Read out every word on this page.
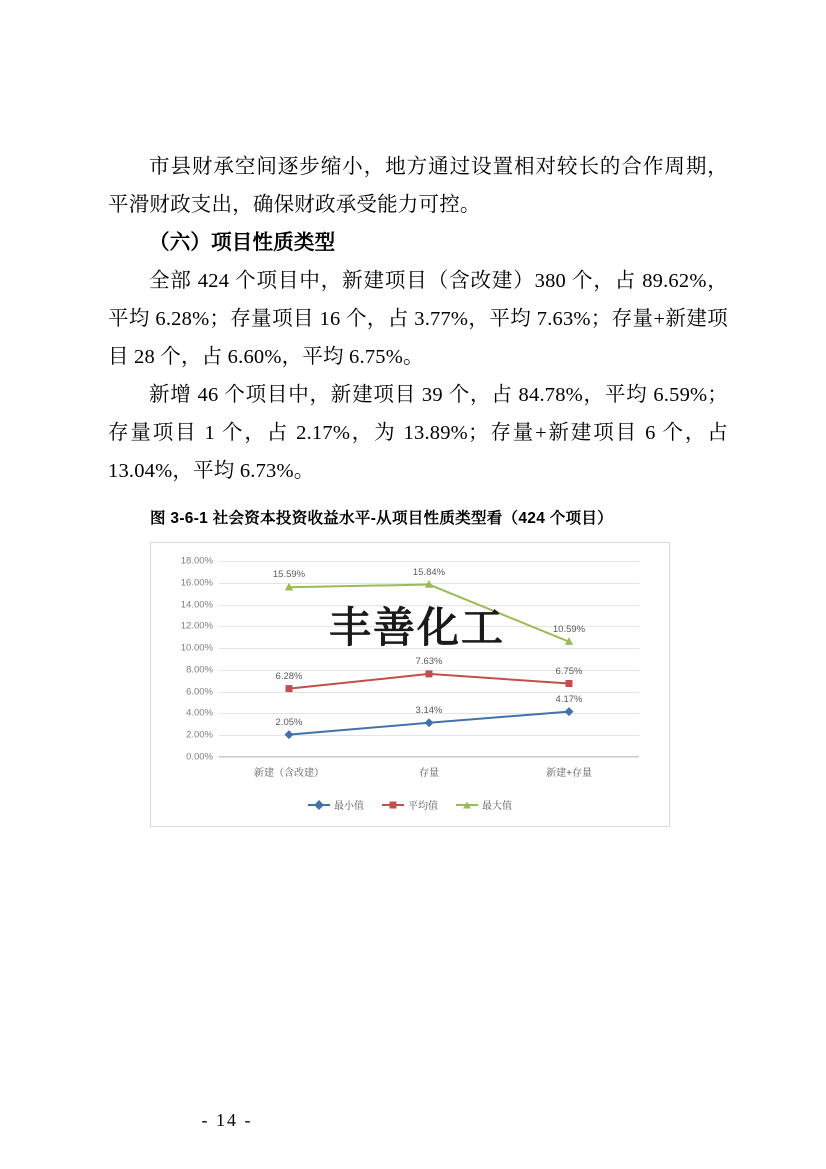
市县财承空间逐步缩小，地方通过设置相对较长的合作周期，平滑财政支出，确保财政承受能力可控。

（六）项目性质类型

全部 424 个项目中，新建项目（含改建）380 个，占 89.62%，平均 6.28%；存量项目 16 个，占 3.77%，平均 7.63%；存量+新建项目 28 个，占 6.60%，平均 6.75%。

新增 46 个项目中，新建项目 39 个，占 84.78%，平均 6.59%；存量项目 1 个，占 2.17%，为 13.89%；存量+新建项目 6 个，占 13.04%，平均 6.73%。

图 3-6-1 社会资本投资收益水平-从项目性质类型看（424 个项目）
0.00%
2.00%
4.00%
6.00%
8.00%
10.00%
12.00%
14.00%
16.00%
18.00%
新建（含改建）	存量	新建+存量
2.05%
3.14%
4.17%
6.28%
7.63%
6.75%
15.59%	15.84%
10.59%
最小值	平均值	最大值
丰善化工
- 14 -
